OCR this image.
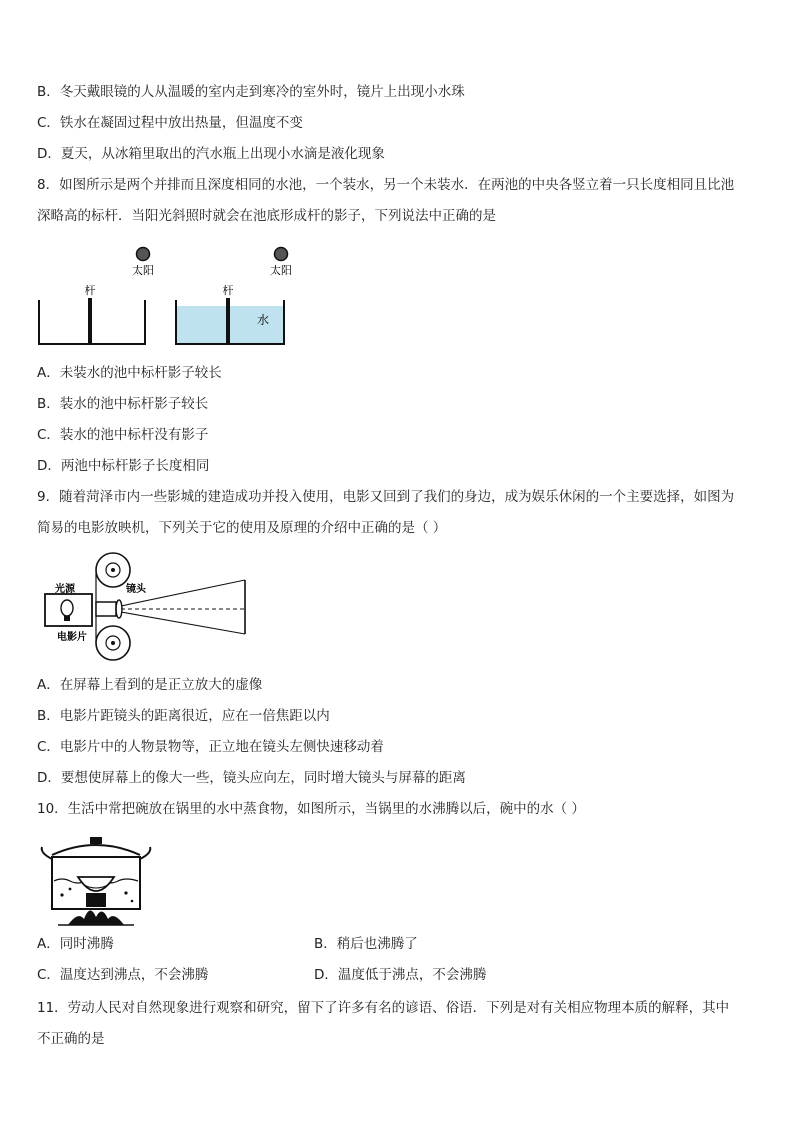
B．冬天戴眼镜的人从温暖的室内走到寒冷的室外时，镜片上出现小水珠
C．铁水在凝固过程中放出热量，但温度不变
D．夏天，从冰箱里取出的汽水瓶上出现小水滴是液化现象
8．如图所示是两个并排而且深度相同的水池，一个装水，另一个未装水．在两池的中央各竖立着一只长度相同且比池
深略高的标杆．当阳光斜照时就会在池底形成杆的影子，下列说法中正确的是
杆
太阳
杆
水
太阳
A．未装水的池中标杆影子较长
B．装水的池中标杆影子较长
C．装水的池中标杆没有影子
D．两池中标杆影子长度相同
9．随着菏泽市内一些影城的建造成功并投入使用，电影又回到了我们的身边，成为娱乐休闲的一个主要选择，如图为
简易的电影放映机，下列关于它的使用及原理的介绍中正确的是（ ）
光源	镜头
电影片
A．在屏幕上看到的是正立放大的虚像
B．电影片距镜头的距离很近，应在一倍焦距以内
C．电影片中的人物景物等，正立地在镜头左侧快速移动着
D．要想使屏幕上的像大一些，镜头应向左，同时增大镜头与屏幕的距离
10．生活中常把碗放在锅里的水中蒸食物，如图所示，当锅里的水沸腾以后，碗中的水（ ）
A．同时沸腾	B．稍后也沸腾了
C．温度达到沸点，不会沸腾	D．温度低于沸点，不会沸腾
11．劳动人民对自然现象进行观察和研究，留下了许多有名的谚语、俗语．下列是对有关相应物理本质的解释，其中
不正确的是
